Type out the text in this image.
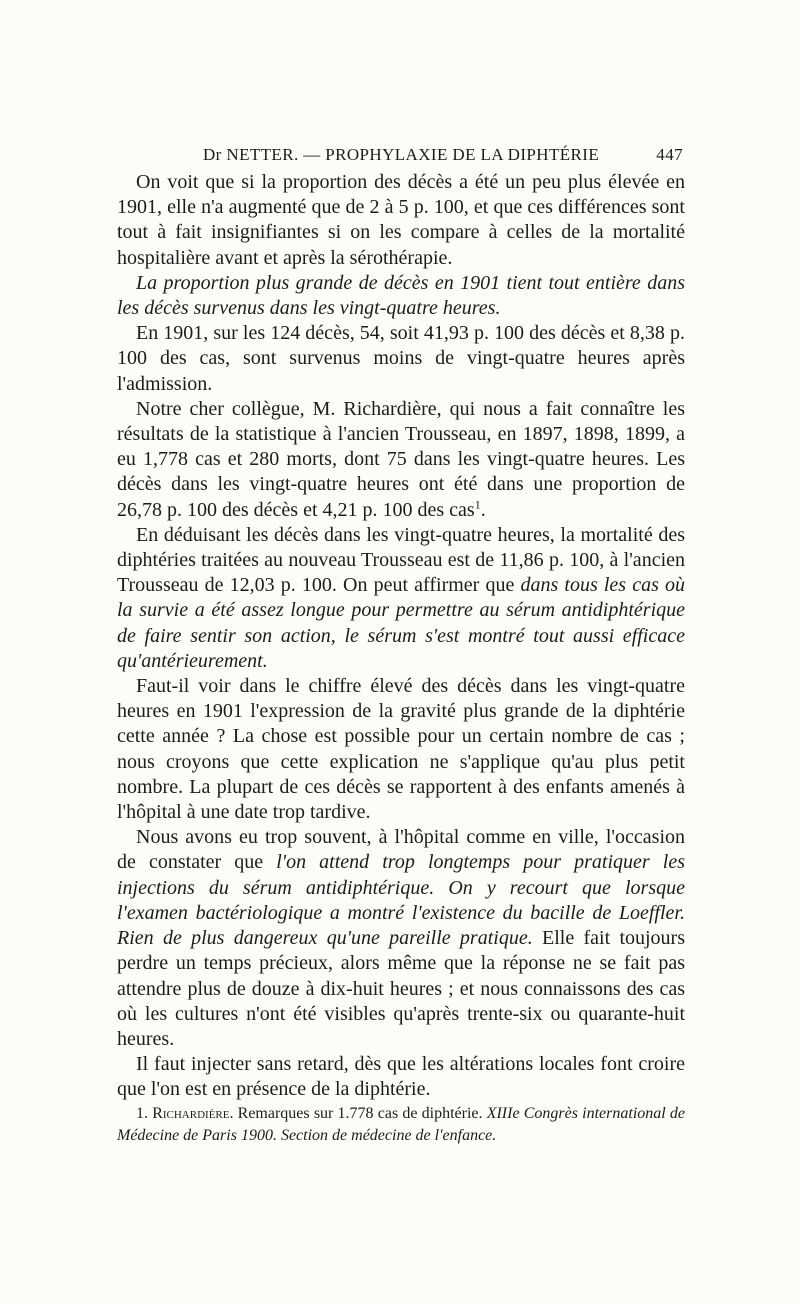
Dr NETTER. — PROPHYLAXIE DE LA DIPHTÉRIE	447

On voit que si la proportion des décès a été un peu plus élevée en 1901, elle n'a augmenté que de 2 à 5 p. 100, et que ces différences sont tout à fait insignifiantes si on les compare à celles de la mortalité hospitalière avant et après la sérothérapie.

La proportion plus grande de décès en 1901 tient tout entière dans les décès survenus dans les vingt-quatre heures.

En 1901, sur les 124 décès, 54, soit 41,93 p. 100 des décès et 8,38 p. 100 des cas, sont survenus moins de vingt-quatre heures après l'admission.

Notre cher collègue, M. Richardière, qui nous a fait connaître les résultats de la statistique à l'ancien Trousseau, en 1897, 1898, 1899, a eu 1,778 cas et 280 morts, dont 75 dans les vingt-quatre heures. Les décès dans les vingt-quatre heures ont été dans une proportion de 26,78 p. 100 des décès et 4,21 p. 100 des cas$^1$.

En déduisant les décès dans les vingt-quatre heures, la mortalité des diphtéries traitées au nouveau Trousseau est de 11,86 p. 100, à l'ancien Trousseau de 12,03 p. 100. On peut affirmer que dans tous les cas où la survie a été assez longue pour permettre au sérum antidiphtérique de faire sentir son action, le sérum s'est montré tout aussi efficace qu'antérieurement.

Faut-il voir dans le chiffre élevé des décès dans les vingt-quatre heures en 1901 l'expression de la gravité plus grande de la diphtérie cette année ? La chose est possible pour un certain nombre de cas ; nous croyons que cette explication ne s'applique qu'au plus petit nombre. La plupart de ces décès se rapportent à des enfants amenés à l'hôpital à une date trop tardive.

Nous avons eu trop souvent, à l'hôpital comme en ville, l'occasion de constater que l'on attend trop longtemps pour pratiquer les injections du sérum antidiphtérique. On y recourt que lorsque l'examen bactériologique a montré l'existence du bacille de Loeffler. Rien de plus dangereux qu'une pareille pratique. Elle fait toujours perdre un temps précieux, alors même que la réponse ne se fait pas attendre plus de douze à dix-huit heures ; et nous connaissons des cas où les cultures n'ont été visibles qu'après trente-six ou quarante-huit heures.

Il faut injecter sans retard, dès que les altérations locales font croire que l'on est en présence de la diphtérie.

1. Richardière. Remarques sur 1.778 cas de diphtérie. XIIIe Congrès international de Médecine de Paris 1900. Section de médecine de l'enfance.
